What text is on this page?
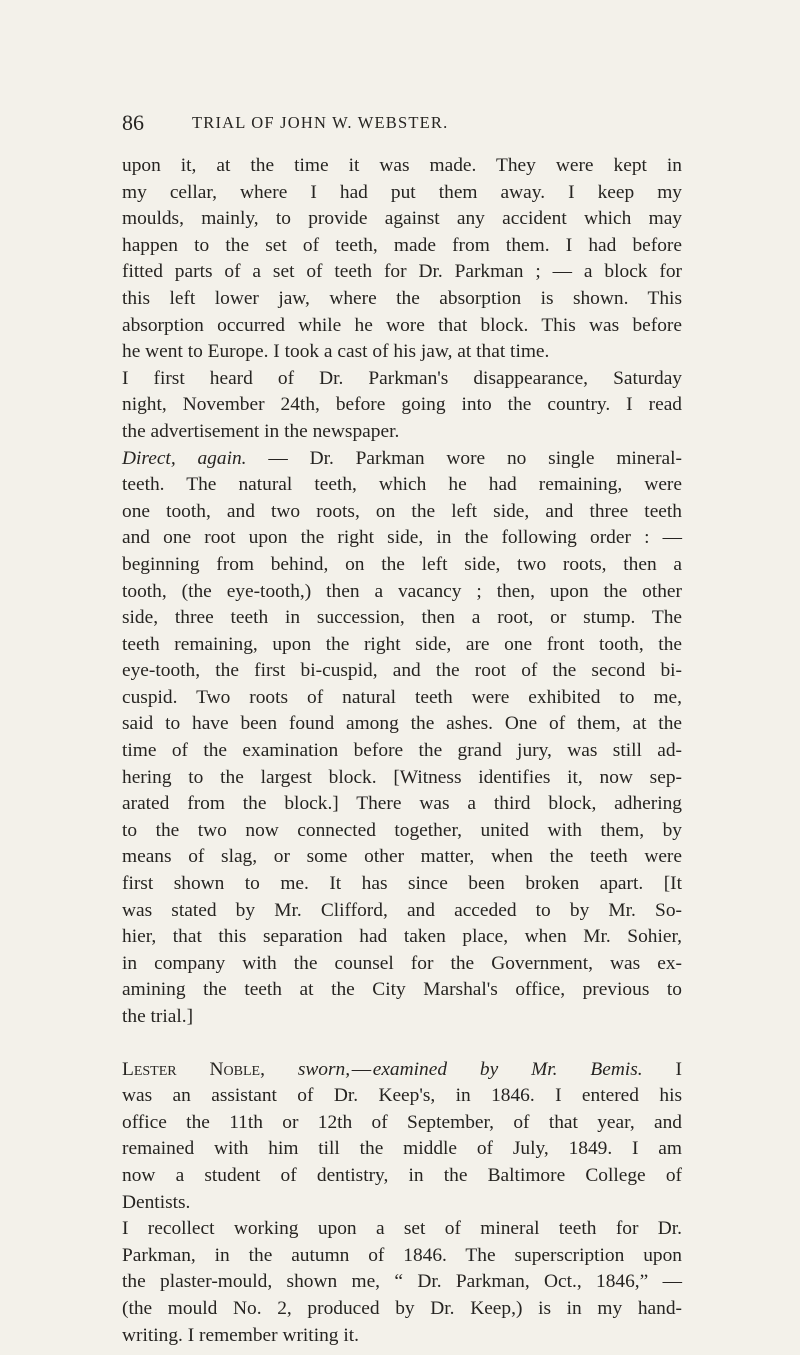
86	TRIAL OF JOHN W. WEBSTER.
upon it, at the time it was made. They were kept in
my cellar, where I had put them away. I keep my
moulds, mainly, to provide against any accident which may
happen to the set of teeth, made from them. I had before
fitted parts of a set of teeth for Dr. Parkman ; — a block for
this left lower jaw, where the absorption is shown. This
absorption occurred while he wore that block. This was before
he went to Europe. I took a cast of his jaw, at that time.
I first heard of Dr. Parkman's disappearance, Saturday
night, November 24th, before going into the country. I read
the advertisement in the newspaper.
Direct, again. — Dr. Parkman wore no single mineral-
teeth. The natural teeth, which he had remaining, were
one tooth, and two roots, on the left side, and three teeth
and one root upon the right side, in the following order : —
beginning from behind, on the left side, two roots, then a
tooth, (the eye-tooth,) then a vacancy ; then, upon the other
side, three teeth in succession, then a root, or stump. The
teeth remaining, upon the right side, are one front tooth, the
eye-tooth, the first bi-cuspid, and the root of the second bi-
cuspid. Two roots of natural teeth were exhibited to me,
said to have been found among the ashes. One of them, at the
time of the examination before the grand jury, was still ad-
hering to the largest block. [Witness identifies it, now sep-
arated from the block.] There was a third block, adhering
to the two now connected together, united with them, by
means of slag, or some other matter, when the teeth were
first shown to me. It has since been broken apart. [It
was stated by Mr. Clifford, and acceded to by Mr. So-
hier, that this separation had taken place, when Mr. Sohier,
in company with the counsel for the Government, was ex-
amining the teeth at the City Marshal's office, previous to
the trial.]
Lester Noble, sworn, — examined by Mr. Bemis. I
was an assistant of Dr. Keep's, in 1846. I entered his
office the 11th or 12th of September, of that year, and
remained with him till the middle of July, 1849. I am
now a student of dentistry, in the Baltimore College of
Dentists.
I recollect working upon a set of mineral teeth for Dr.
Parkman, in the autumn of 1846. The superscription upon
the plaster-mould, shown me, “ Dr. Parkman, Oct., 1846,” —
(the mould No. 2, produced by Dr. Keep,) is in my hand-
writing. I remember writing it.
